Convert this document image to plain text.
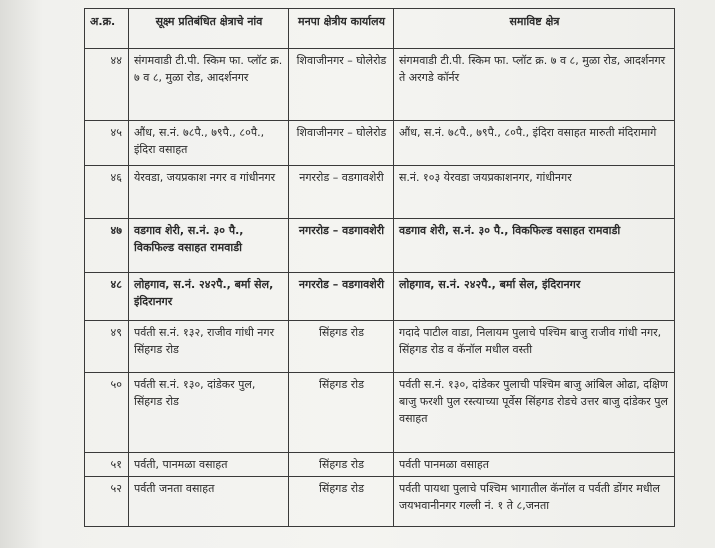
अ.क्र.	सूक्ष्म प्रतिबंधित क्षेत्राचे नांव	मनपा क्षेत्रीय कार्यालय	समाविष्ट क्षेत्र
४४	संगमवाडी टी.पी. स्किम फा. प्लॉट क्र. ७ व ८, मुळा रोड, आदर्शनगर	शिवाजीनगर – घोलेरोड	संगमवाडी टी.पी. स्किम फा. प्लॉट क्र. ७ व ८, मुळा रोड, आदर्शनगर ते अरगडे कॉर्नर
४५	औंध, स.नं. ७८पै., ७९पै., ८०पै., इंदिरा वसाहत	शिवाजीनगर – घोलेरोड	औंध, स.नं. ७८पै., ७९पै., ८०पै., इंदिरा वसाहत मारुती मंदिरामागे
४६	येरवडा, जयप्रकाश नगर व गांधीनगर	नगररोड – वडगावशेरी	स.नं. १०३ येरवडा जयप्रकाशनगर, गांधीनगर
४७	वडगाव शेरी, स.नं. ३० पै., विकफिल्ड वसाहत रामवाडी	नगररोड – वडगावशेरी	वडगाव शेरी, स.नं. ३० पै., विकफिल्ड वसाहत रामवाडी
४८	लोहगाव, स.नं. २४२पै., बर्मा सेल, इंदिरानगर	नगररोड – वडगावशेरी	लोहगाव, स.नं. २४२पै., बर्मा सेल, इंदिरानगर
४९	पर्वती स.नं. १३२, राजीव गांधी नगर सिंहगड रोड	सिंहगड रोड	गदादे पाटील वाडा, निलायम पुलाचे पश्चिम बाजु राजीव गांधी नगर, सिंहगड रोड व कॅनॉल मधील वस्ती
५०	पर्वती स.नं. १३०, दांडेकर पुल, सिंहगड रोड	सिंहगड रोड	पर्वती स.नं. १३०, दांडेकर पुलाची पश्चिम बाजु आंबिल ओढा, दक्षिण बाजु फरशी पुल रस्त्याच्या पूर्वेस सिंहगड रोडचे उत्तर बाजु दांडेकर पुल वसाहत
५१	पर्वती, पानमळा वसाहत	सिंहगड रोड	पर्वती पानमळा वसाहत
५२	पर्वती जनता वसाहत	सिंहगड रोड	पर्वती पायथा पुलाचे पश्चिम भागातील कॅनॉल व पर्वती डोंगर मधील जयभवानीनगर गल्ली नं. १ ते ८,जनता
